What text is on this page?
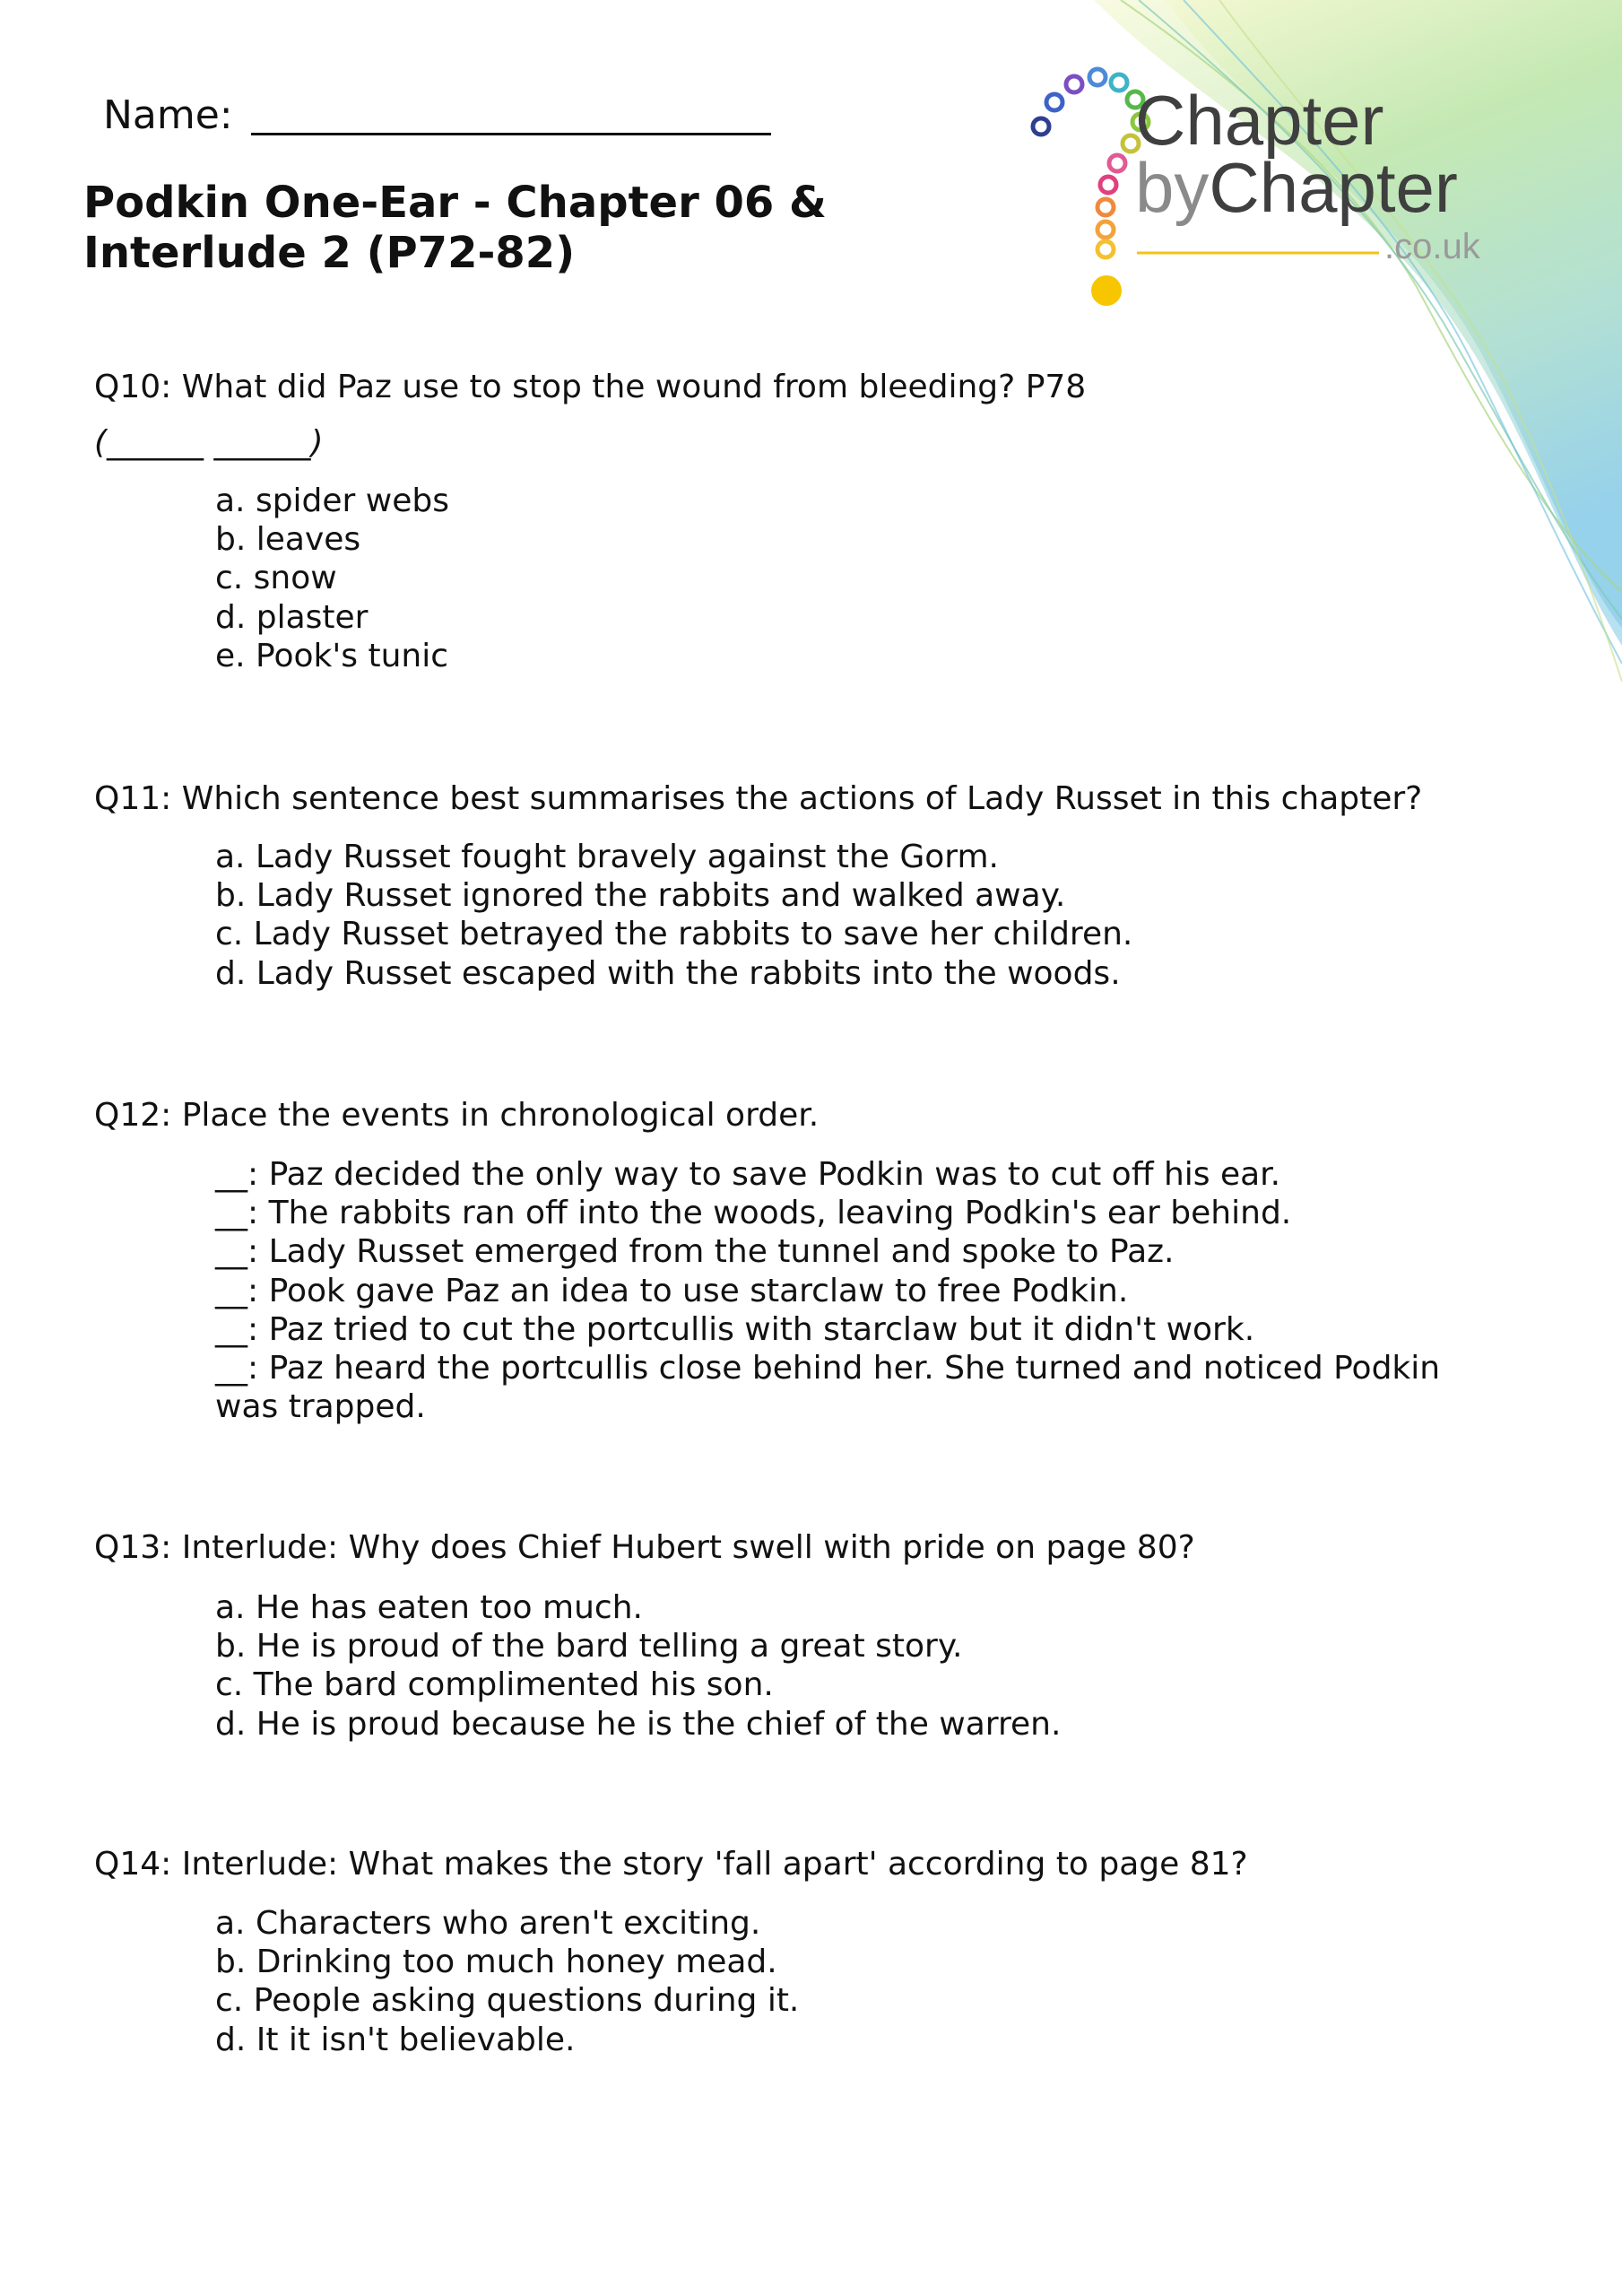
Name:
Podkin One-Ear - Chapter 06 & Interlude 2 (P72-82)
Chapter
byChapter
.co.uk

Q10: What did Paz use to stop the wound from bleeding? P78

(______ ______)
a. spider webs
b. leaves
c. snow
d. plaster
e. Pook's tunic

Q11: Which sentence best summarises the actions of Lady Russet in this chapter?

a. Lady Russet fought bravely against the Gorm.
b. Lady Russet ignored the rabbits and walked away.
c. Lady Russet betrayed the rabbits to save her children.
d. Lady Russet escaped with the rabbits into the woods.

Q12: Place the events in chronological order.

__: Paz decided the only way to save Podkin was to cut off his ear.
__: The rabbits ran off into the woods, leaving Podkin's ear behind.
__: Lady Russet emerged from the tunnel and spoke to Paz.
__: Pook gave Paz an idea to use starclaw to free Podkin.
__: Paz tried to cut the portcullis with starclaw but it didn't work.
__: Paz heard the portcullis close behind her. She turned and noticed Podkin was trapped.

Q13: Interlude: Why does Chief Hubert swell with pride on page 80?

a. He has eaten too much.
b. He is proud of the bard telling a great story.
c. The bard complimented his son.
d. He is proud because he is the chief of the warren.

Q14: Interlude: What makes the story 'fall apart' according to page 81?

a. Characters who aren't exciting.
b. Drinking too much honey mead.
c. People asking questions during it.
d. It it isn't believable.
